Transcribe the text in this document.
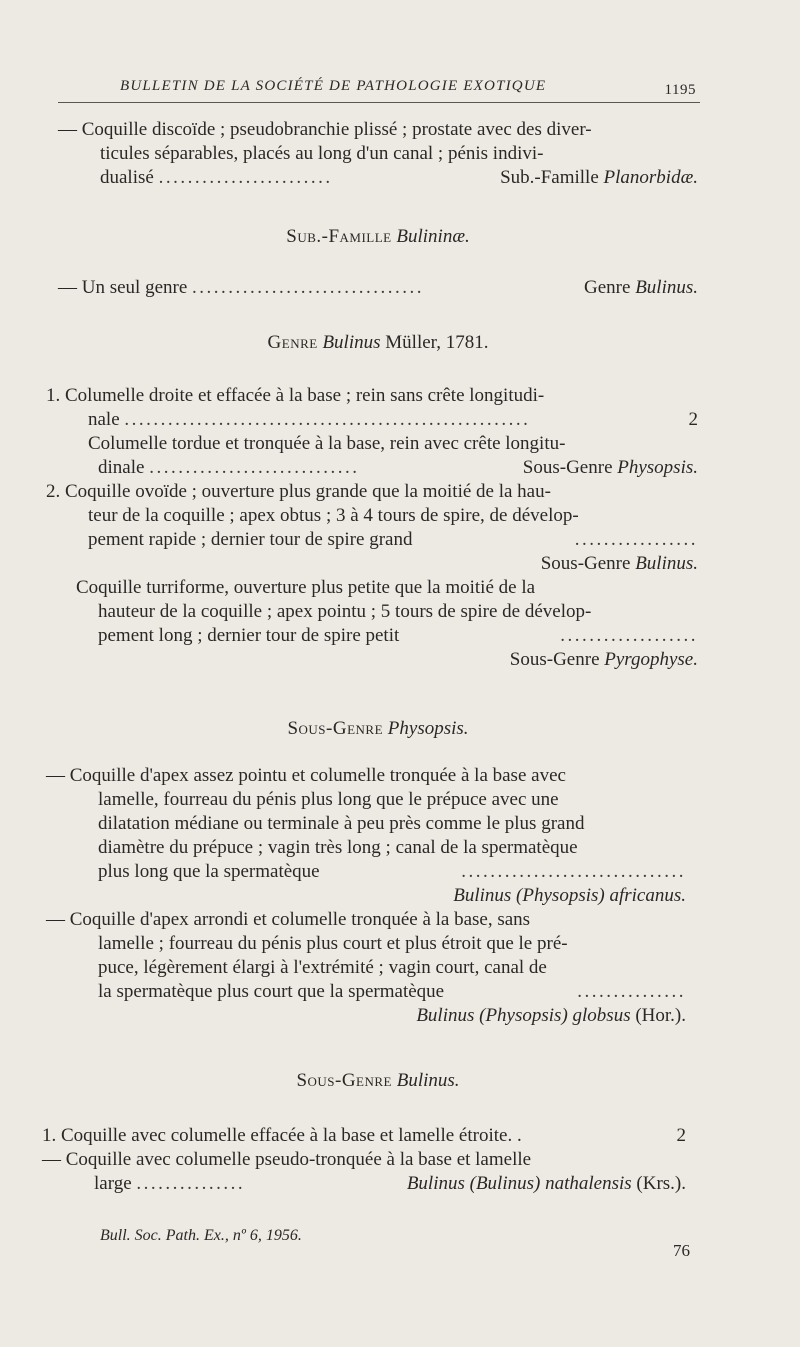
BULLETIN DE LA SOCIÉTÉ DE PATHOLOGIE EXOTIQUE	1195
— Coquille discoïde ; pseudobranchie plissé ; prostate avec des diver-
ticules séparables, placés au long d'un canal ; pénis indivi-
dualisé ........................	Sub.-Famille Planorbidæ.
Sub.-Famille Bulininæ.
— Un seul genre ................................	Genre Bulinus.
Genre Bulinus Müller, 1781.
1. Columelle droite et effacée à la base ; rein sans crête longitudi-
nale ........................................................	2
Columelle tordue et tronquée à la base, rein avec crête longitu-
dinale .............................	Sous-Genre Physopsis.
2. Coquille ovoïde ; ouverture plus grande que la moitié de la hau-
teur de la coquille ; apex obtus ; 3 à 4 tours de spire, de dévelop-
pement rapide ; dernier tour de spire grand	.................
Sous-Genre Bulinus.
Coquille turriforme, ouverture plus petite que la moitié de la
hauteur de la coquille ; apex pointu ; 5 tours de spire de dévelop-
pement long ; dernier tour de spire petit	...................
Sous-Genre Pyrgophyse.
Sous-Genre Physopsis.
— Coquille d'apex assez pointu et columelle tronquée à la base avec
lamelle, fourreau du pénis plus long que le prépuce avec une
dilatation médiane ou terminale à peu près comme le plus grand
diamètre du prépuce ; vagin très long ; canal de la spermatèque
plus long que la spermatèque	...............................
Bulinus (Physopsis) africanus.
— Coquille d'apex arrondi et columelle tronquée à la base, sans
lamelle ; fourreau du pénis plus court et plus étroit que le pré-
puce, légèrement élargi à l'extrémité ; vagin court, canal de
la spermatèque plus court que la spermatèque	...............
Bulinus (Physopsis) globsus (Hor.).
Sous-Genre Bulinus.
1. Coquille avec columelle effacée à la base et lamelle étroite. .	2
— Coquille avec columelle pseudo-tronquée à la base et lamelle
large ...............	Bulinus (Bulinus) nathalensis (Krs.).
Bull. Soc. Path. Ex., nº 6, 1956.
76
